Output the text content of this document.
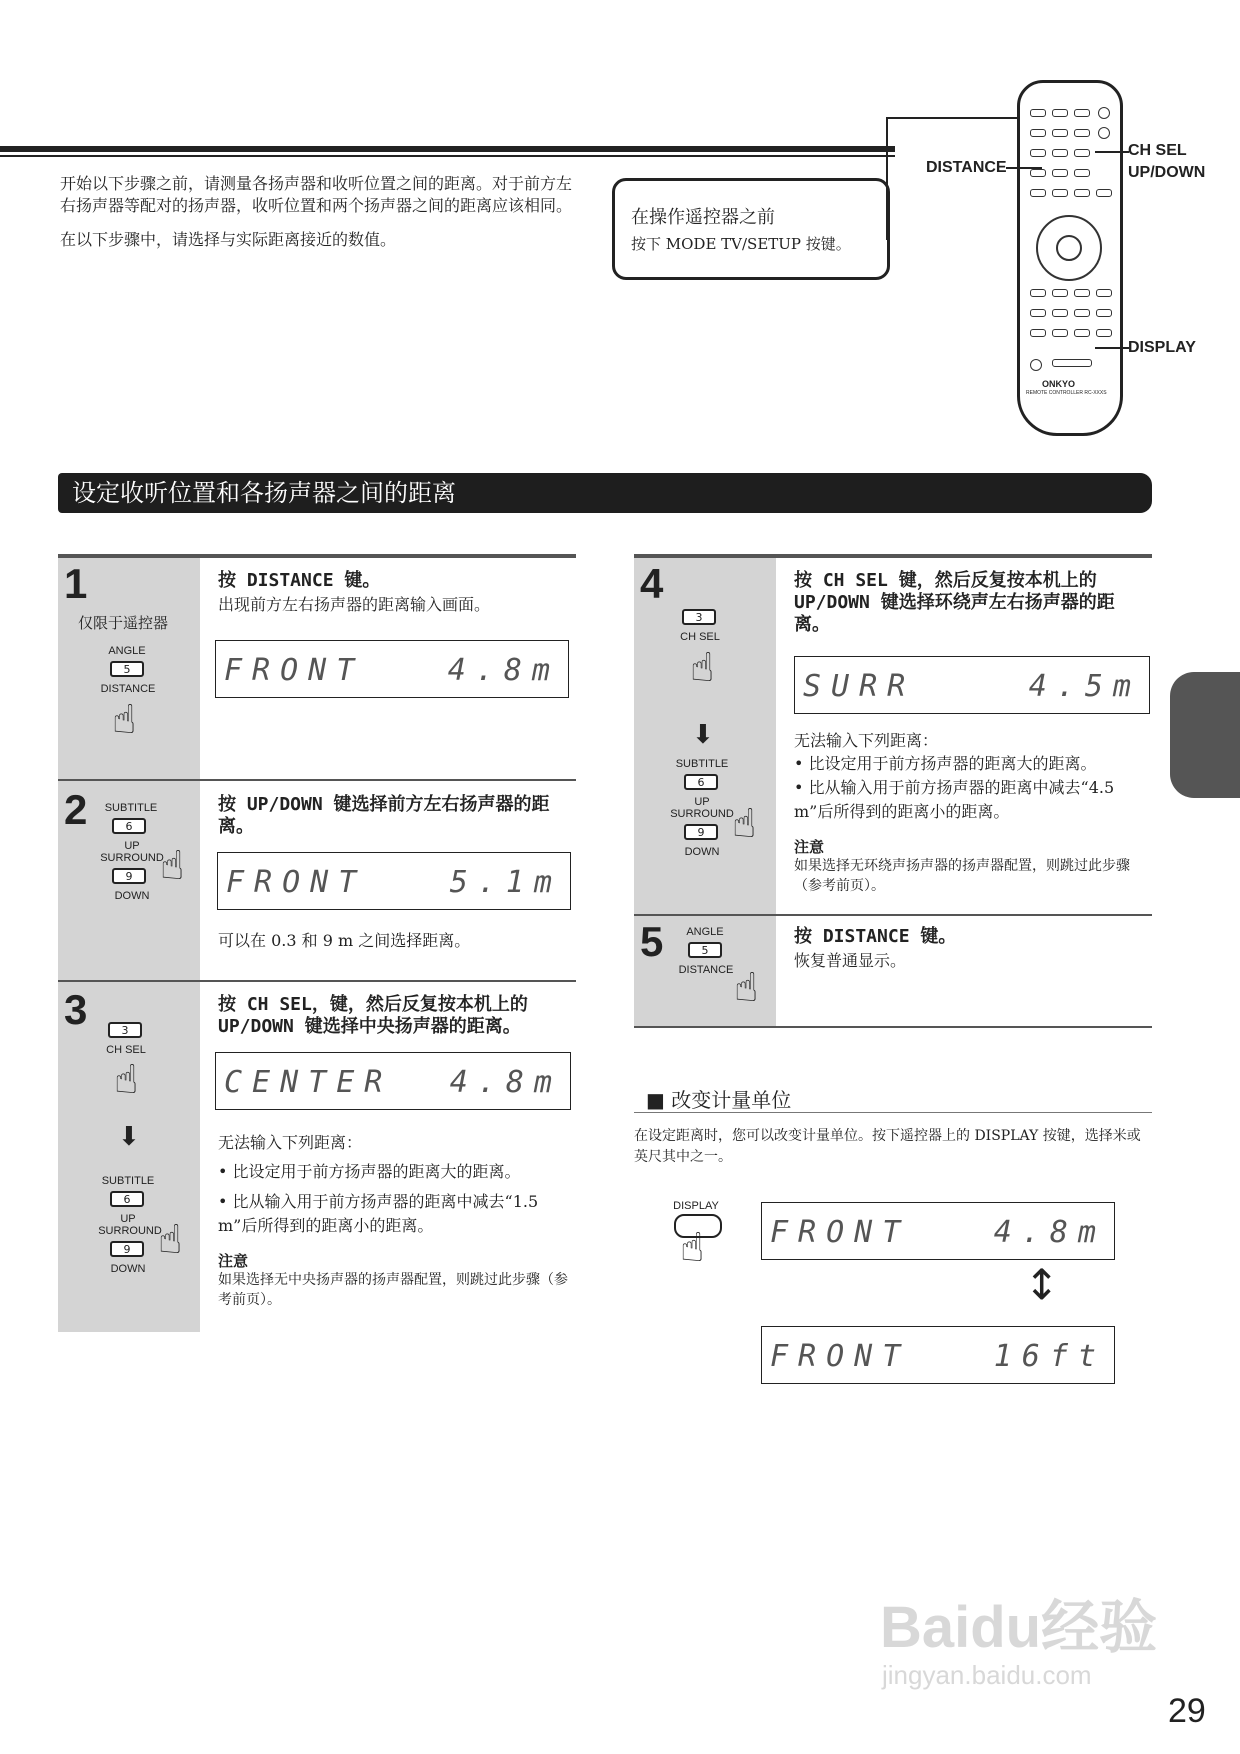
开始以下步骤之前，请测量各扬声器和收听位置之间的距离。对于前方左右扬声器等配对的扬声器，收听位置和两个扬声器之间的距离应该相同。

在以下步骤中，请选择与实际距离接近的数值。

在操作遥控器之前
按下 MODE TV/SETUP 按键。
ONKYO
REMOTE CONTROLLER RC-XXXS
DISTANCE
CH SEL
UP/DOWN
DISPLAY
设定收听位置和各扬声器之间的距离
1
仅限于遥控器
ANGLE
5
DISTANCE
☝
按 DISTANCE 键。
出现前方左右扬声器的距离输入画面。
FRONT	4.8m
2 SUBTITLE
6
UP
SURROUND
9
DOWN
☝
按 UP/DOWN 键选择前方左右扬声器的距离。
FRONT	5.1m
可以在 0.3 和 9 m 之间选择距离。
3	3
CH SEL
☝
⬇
SUBTITLE
6
UP
SURROUND
9
DOWN
☝
按 CH SEL，键，然后反复按本机上的 UP/DOWN 键选择中央扬声器的距离。
CENTER 4.8m
无法输入下列距离：
• 比设定用于前方扬声器的距离大的距离。
• 比从输入用于前方扬声器的距离中减去“1.5 m”后所得到的距离小的距离。
注意
如果选择无中央扬声器的扬声器配置，则跳过此步骤（参考前页）。
4
3
CH SEL
☝
⬇
SUBTITLE
6
UP
SURROUND
9
DOWN
☝
按 CH SEL 键，然后反复按本机上的 UP/DOWN 键选择环绕声左右扬声器的距离。
SURR	4.5m
无法输入下列距离：
• 比设定用于前方扬声器的距离大的距离。
• 比从输入用于前方扬声器的距离中减去“4.5 m”后所得到的距离小的距离。
注意
如果选择无环绕声扬声器的扬声器配置，则跳过此步骤（参考前页）。
5	ANGLE
5
DISTANCE ☝
按 DISTANCE 键。
恢复普通显示。
■ 改变计量单位
在设定距离时，您可以改变计量单位。按下遥控器上的 DISPLAY 按键，选择米或英尺其中之一。
DISPLAY
☝ FRONT	4.8m
↕
FRONT	16ft
Baidu经验
jingyan.baidu.com
29
